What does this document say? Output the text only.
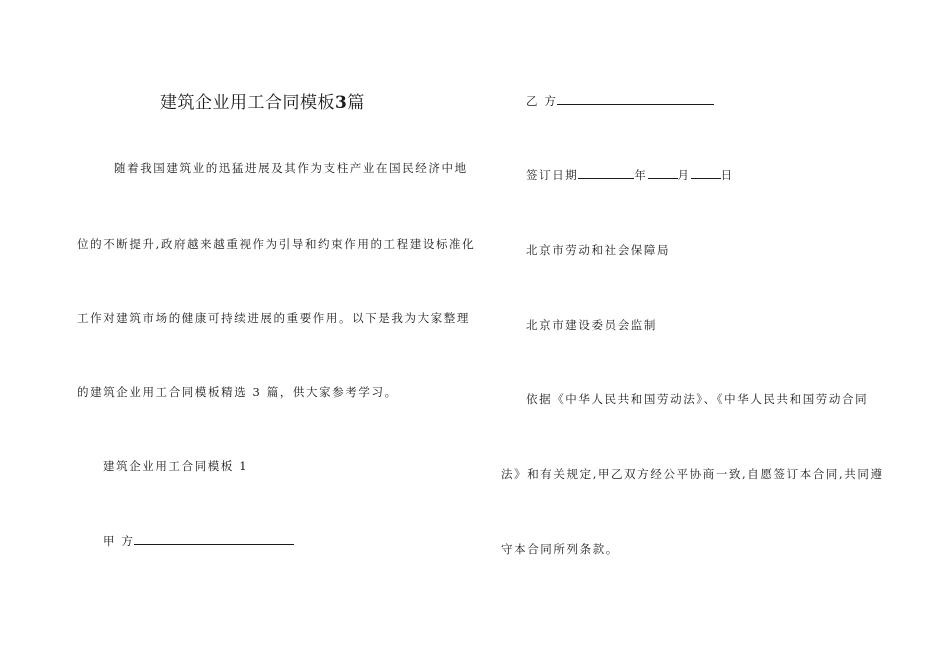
建筑企业用工合同模板3篇
随着我国建筑业的迅猛进展及其作为支柱产业在国民经济中地
位的不断提升,政府越来越重视作为引导和约束作用的工程建设标准化
工作对建筑市场的健康可持续进展的重要作用。以下是我为大家整理
的建筑企业用工合同模板精选 3 篇，供大家参考学习。
建筑企业用工合同模板 1
甲 方
乙 方
签订日期	年	月	日
北京市劳动和社会保障局
北京市建设委员会监制
依据《中华人民共和国劳动法》、《中华人民共和国劳动合同
法》和有关规定,甲乙双方经公平协商一致,自愿签订本合同,共同遵
守本合同所列条款。
